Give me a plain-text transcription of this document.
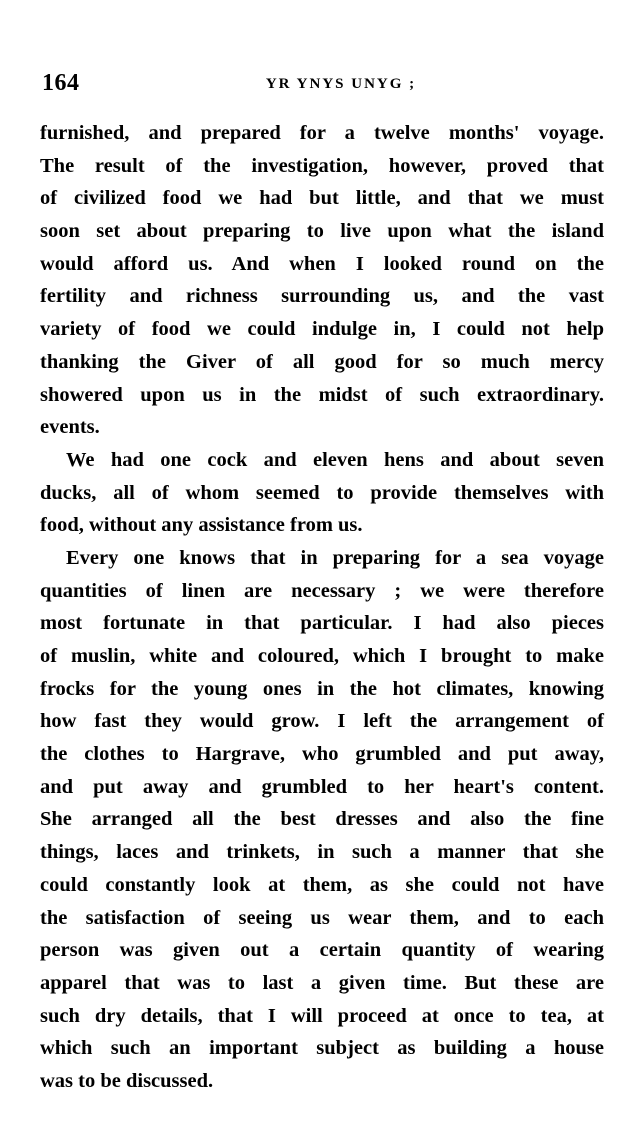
164	YR YNYS UNYG ;
furnished, and prepared for a twelve months' voyage.
The result of the investigation, however, proved that
of civilized food we had but little, and that we must
soon set about preparing to live upon what the island
would afford us. And when I looked round on the
fertility and richness surrounding us, and the vast
variety of food we could indulge in, I could not help
thanking the Giver of all good for so much mercy
showered upon us in the midst of such extraordinary.
events.
We had one cock and eleven hens and about seven
ducks, all of whom seemed to provide themselves with
food, without any assistance from us.
Every one knows that in preparing for a sea voyage
quantities of linen are necessary ; we were therefore
most fortunate in that particular. I had also pieces
of muslin, white and coloured, which I brought to make
frocks for the young ones in the hot climates, knowing
how fast they would grow. I left the arrangement of
the clothes to Hargrave, who grumbled and put away,
and put away and grumbled to her heart's content.
She arranged all the best dresses and also the fine
things, laces and trinkets, in such a manner that she
could constantly look at them, as she could not have
the satisfaction of seeing us wear them, and to each
person was given out a certain quantity of wearing
apparel that was to last a given time. But these are
such dry details, that I will proceed at once to tea, at
which such an important subject as building a house
was to be discussed.
